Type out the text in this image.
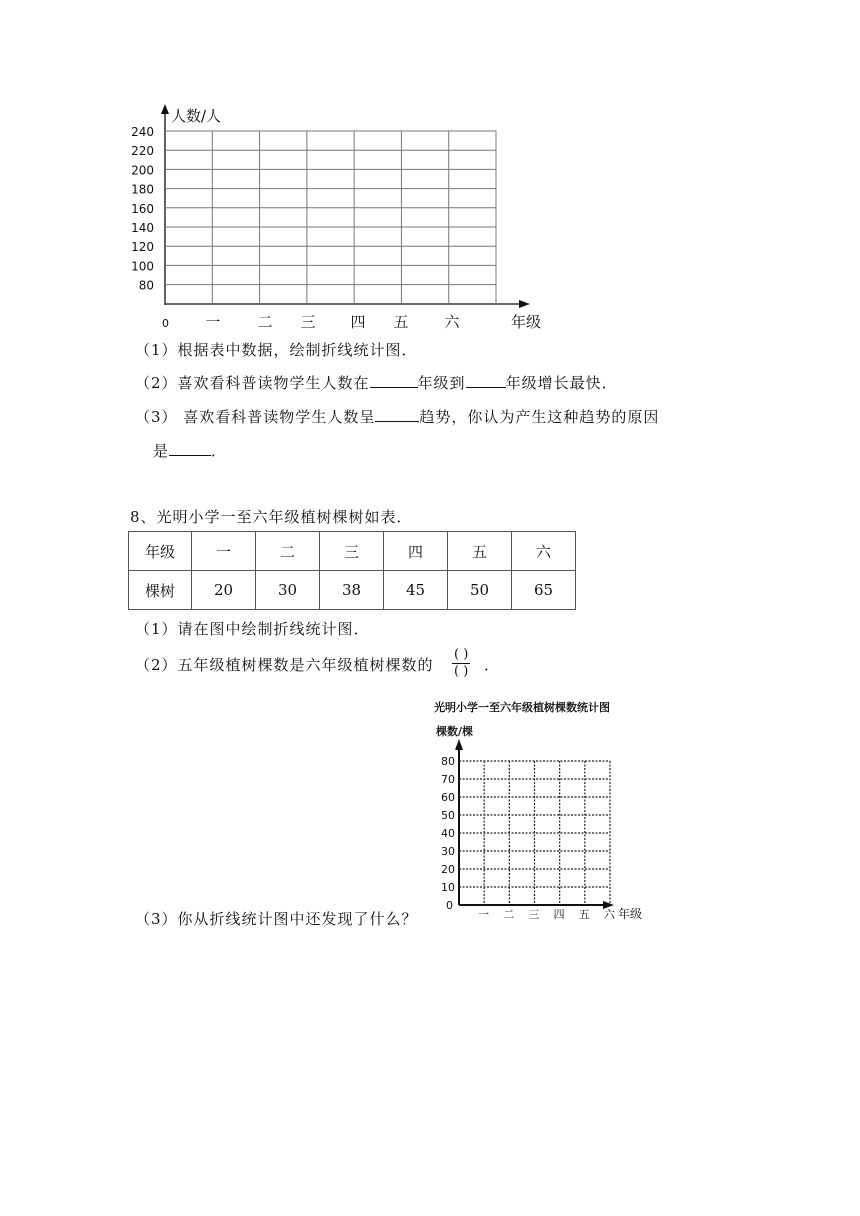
人数/人
年级
0
240
220
200
180
160
140
120
100
80
一 二 三 四 五 六
（1）根据表中数据，绘制折线统计图．
（2）喜欢看科普读物学生人数在	年级到	年级增长最快．
（3） 喜欢看科普读物学生人数呈	趋势，你认为产生这种趋势的原因
是	．
8、光明小学一至六年级植树棵树如表．
年级	一	二	三	四	五	六
棵树	20	30	38	45	50	65
（1）请在图中绘制折线统计图．
（2）五年级植树棵数是六年级植树棵数的
( )
( ) ．
光明小学一至六年级植树棵数统计图
棵数/棵
0
年级
80
70
60
50
40
30
20
10
一 二 三 四 五 六
（3）你从折线统计图中还发现了什么？
